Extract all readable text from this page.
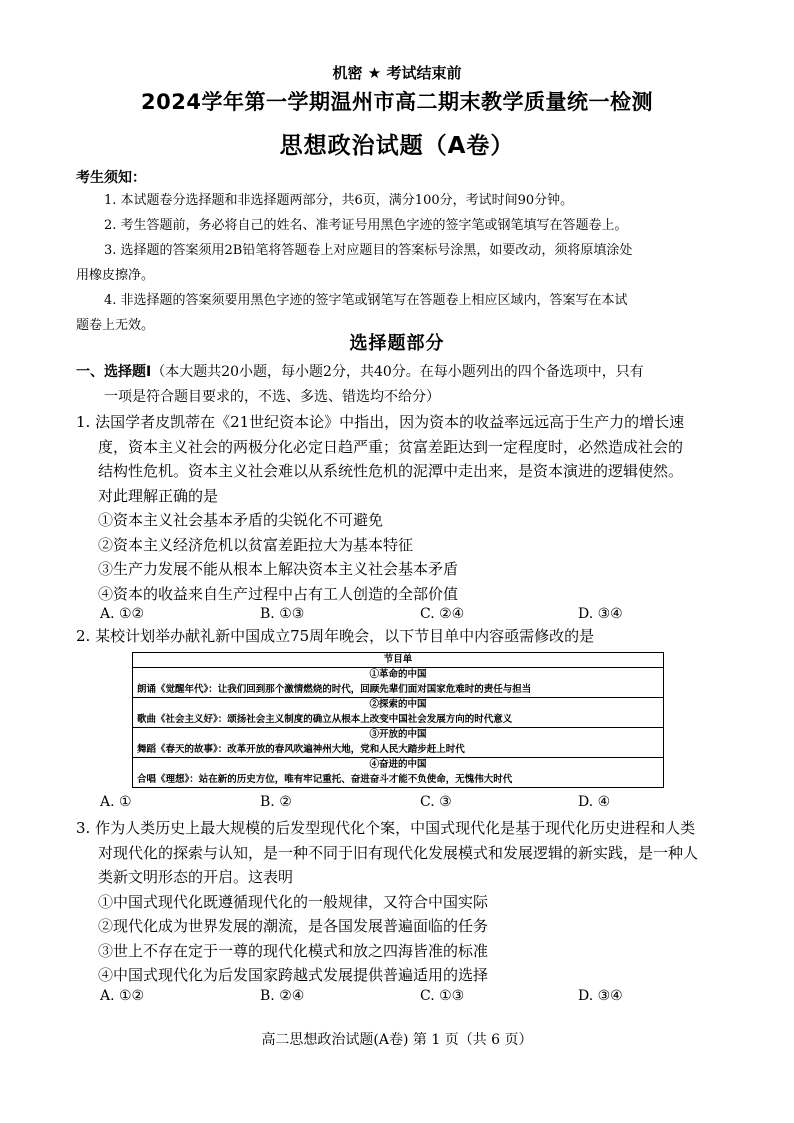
机密 ★ 考试结束前
2024学年第一学期温州市高二期末教学质量统一检测
思想政治试题（A卷）
考生须知：
1. 本试题卷分选择题和非选择题两部分，共6页，满分100分，考试时间90分钟。
2. 考生答题前，务必将自己的姓名、准考证号用黑色字迹的签字笔或钢笔填写在答题卷上。
3. 选择题的答案须用2B铅笔将答题卷上对应题目的答案标号涂黑，如要改动，须将原填涂处
用橡皮擦净。
4. 非选择题的答案须要用黑色字迹的签字笔或钢笔写在答题卷上相应区域内，答案写在本试
题卷上无效。
选择题部分
一、选择题Ⅰ（本大题共20小题，每小题2分，共40分。在每小题列出的四个备选项中，只有
一项是符合题目要求的，不选、多选、错选均不给分）
1. 法国学者皮凯蒂在《21世纪资本论》中指出，因为资本的收益率远远高于生产力的增长速
度，资本主义社会的两极分化必定日趋严重；贫富差距达到一定程度时，必然造成社会的
结构性危机。资本主义社会难以从系统性危机的泥潭中走出来，是资本演进的逻辑使然。
对此理解正确的是
①资本主义社会基本矛盾的尖锐化不可避免
②资本主义经济危机以贫富差距拉大为基本特征
③生产力发展不能从根本上解决资本主义社会基本矛盾
④资本的收益来自生产过程中占有工人创造的全部价值
A. ①②	B. ①③	C. ②④	D. ③④
2. 某校计划举办献礼新中国成立75周年晚会，以下节目单中内容亟需修改的是
节目单
①革命的中国
朗诵《觉醒年代》：让我们回到那个激情燃烧的时代，回顾先辈们面对国家危难时的责任与担当
②探索的中国
歌曲《社会主义好》：颂扬社会主义制度的确立从根本上改变中国社会发展方向的时代意义
③开放的中国
舞蹈《春天的故事》：改革开放的春风吹遍神州大地，党和人民大踏步赶上时代
④奋进的中国
合唱《理想》：站在新的历史方位，唯有牢记重托、奋进奋斗才能不负使命，无愧伟大时代
A. ①	B. ②	C. ③	D. ④
3. 作为人类历史上最大规模的后发型现代化个案，中国式现代化是基于现代化历史进程和人类
对现代化的探索与认知，是一种不同于旧有现代化发展模式和发展逻辑的新实践，是一种人
类新文明形态的开启。这表明
①中国式现代化既遵循现代化的一般规律，又符合中国实际
②现代化成为世界发展的潮流，是各国发展普遍面临的任务
③世上不存在定于一尊的现代化模式和放之四海皆准的标准
④中国式现代化为后发国家跨越式发展提供普遍适用的选择
A. ①②	B. ②④	C. ①③	D. ③④
高二思想政治试题(A卷) 第 1 页（共 6 页）
